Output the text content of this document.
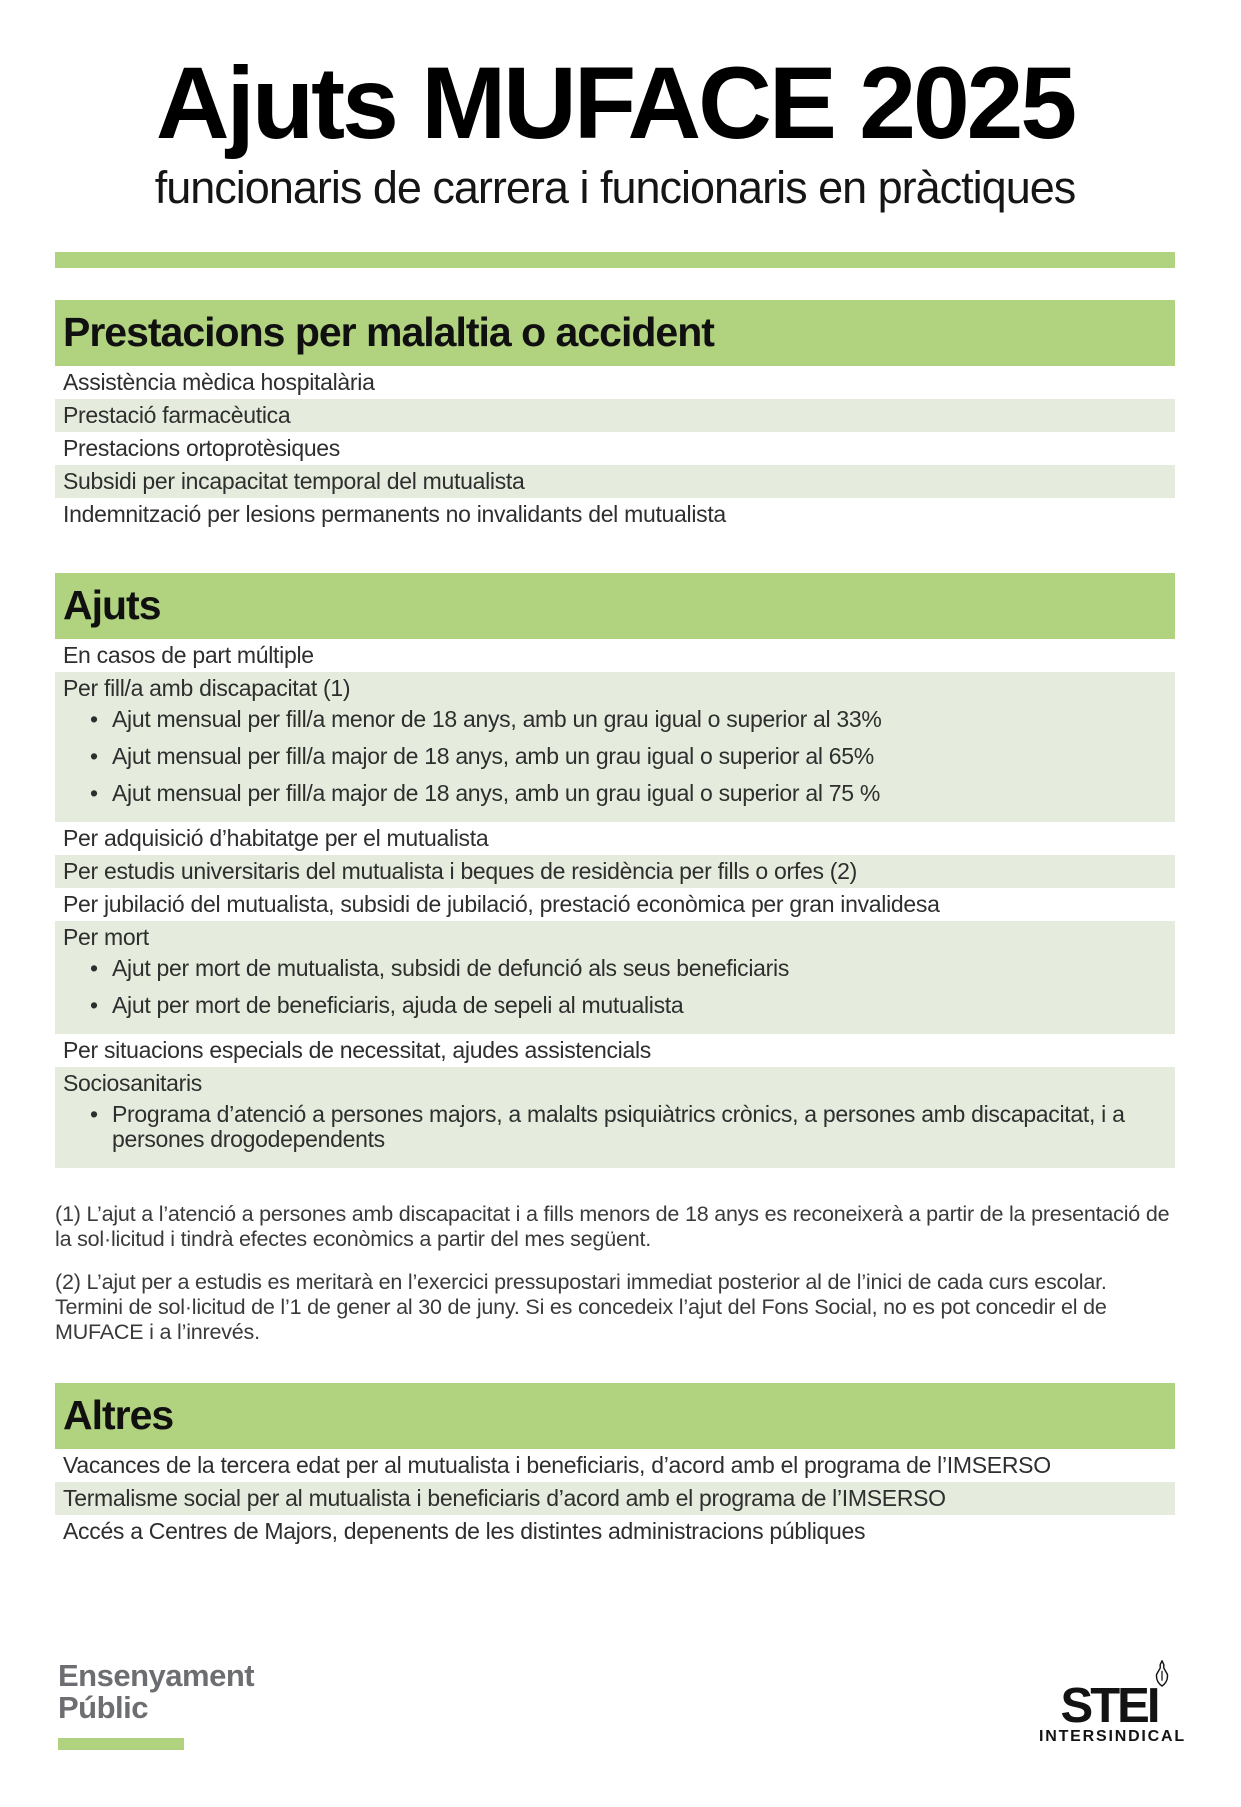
Ajuts MUFACE 2025
funcionaris de carrera i funcionaris en pràctiques
Prestacions per malaltia o accident
Assistència mèdica hospitalària
Prestació farmacèutica
Prestacions ortoprotèsiques
Subsidi per incapacitat temporal del mutualista
Indemnització per lesions permanents no invalidants del mutualista
Ajuts
En casos de part múltiple
Per fill/a amb discapacitat (1)
• Ajut mensual per fill/a menor de 18 anys, amb un grau igual o superior al 33%
• Ajut mensual per fill/a major de 18 anys, amb un grau igual o superior al 65%
• Ajut mensual per fill/a major de 18 anys, amb un grau igual o superior al 75 %
Per adquisició d’habitatge per el mutualista
Per estudis universitaris del mutualista i beques de residència per fills o orfes (2)
Per jubilació del mutualista, subsidi de jubilació, prestació econòmica per gran invalidesa
Per mort
• Ajut per mort de mutualista, subsidi de defunció als seus beneficiaris
• Ajut per mort de beneficiaris, ajuda de sepeli al mutualista
Per situacions especials de necessitat, ajudes assistencials
Sociosanitaris
• Programa d’atenció a persones majors, a malalts psiquiàtrics crònics, a persones amb discapacitat, i a persones drogodependents

(1) L’ajut a l’atenció a persones amb discapacitat i a fills menors de 18 anys es reconeixerà a partir de la presentació de la sol·licitud i tindrà efectes econòmics a partir del mes següent.

(2) L’ajut per a estudis es meritarà en l’exercici pressupostari immediat posterior al de l’inici de cada curs escolar. Termini de sol·licitud de l’1 de gener al 30 de juny. Si es concedeix l’ajut del Fons Social, no es pot concedir el de MUFACE i a l’inrevés.

Altres
Vacances de la tercera edat per al mutualista i beneficiaris, d’acord amb el programa de l’IMSERSO
Termalisme social per al mutualista i beneficiaris d’acord amb el programa de l’IMSERSO
Accés a Centres de Majors, depenents de les distintes administracions públiques
Ensenyament
Públic	STEI
INTERSINDICAL
